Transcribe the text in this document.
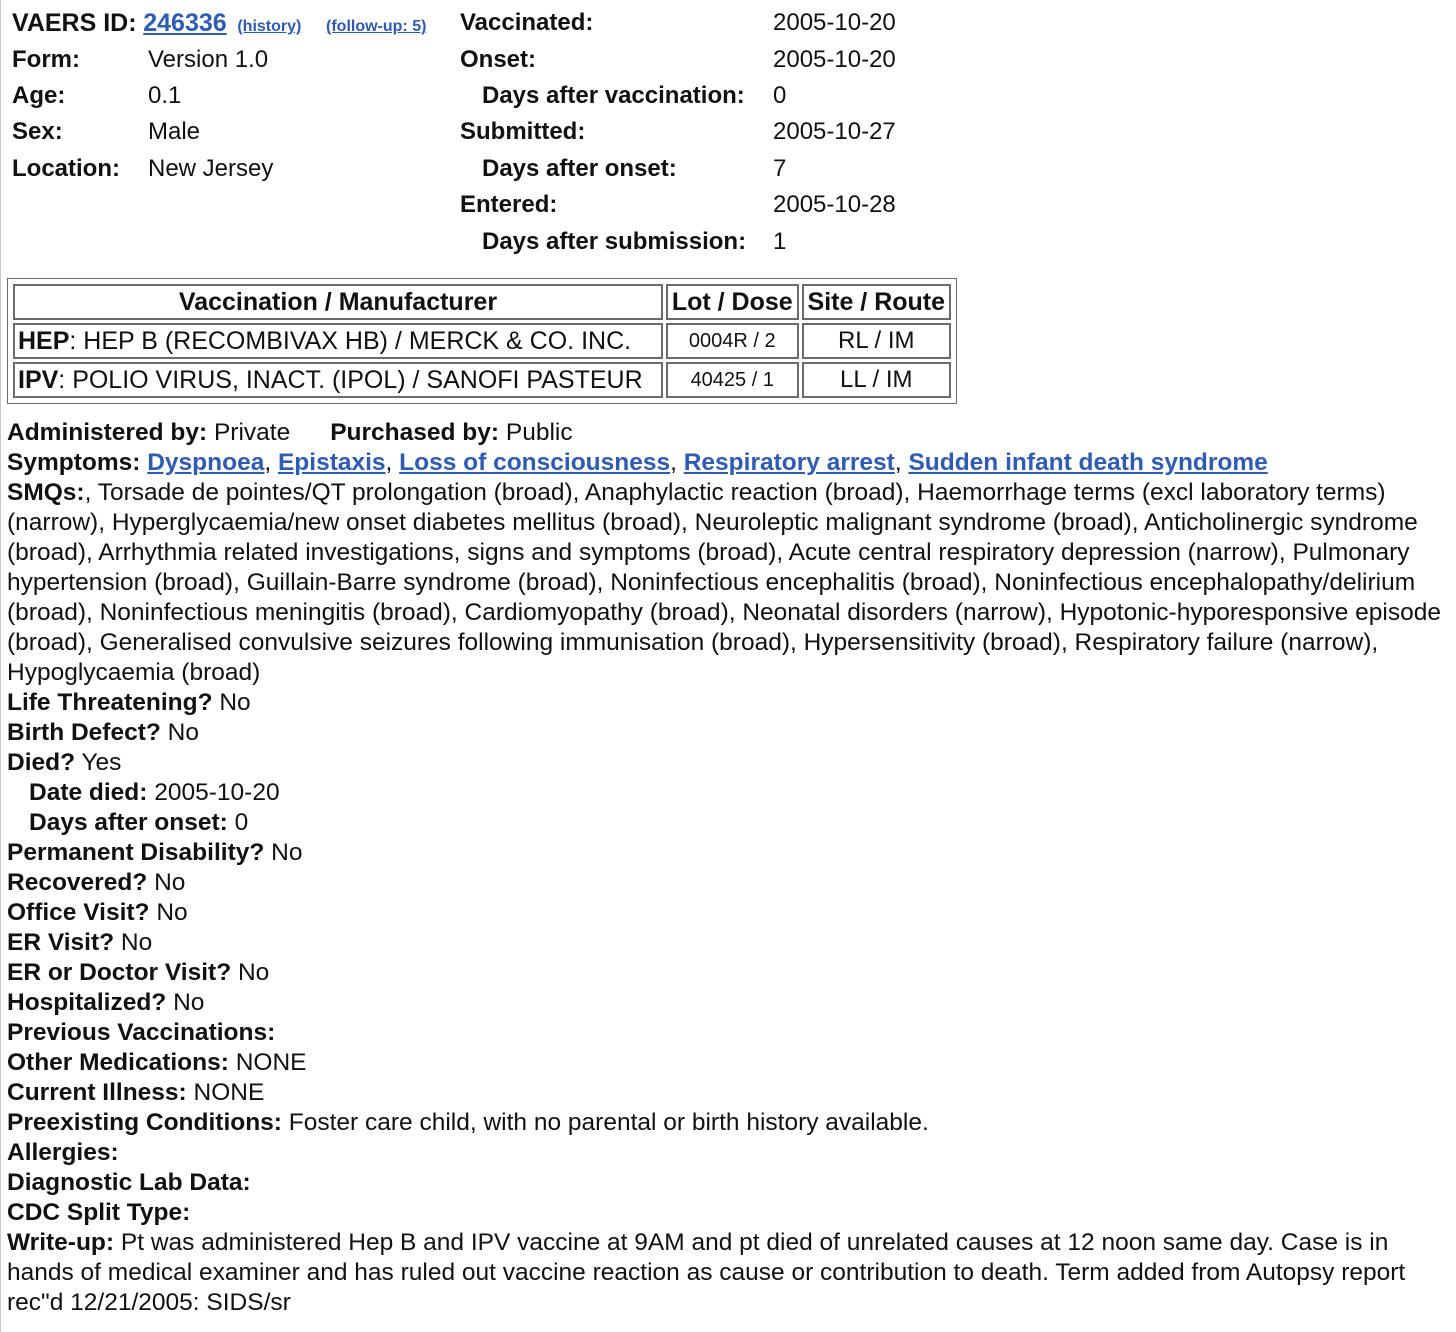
VAERS ID: 246336 (history) (follow-up: 5)
Form:	Version 1.0
Age:	0.1
Sex:	Male
Location: New Jersey
Vaccinated:	2005-10-20
Onset:	2005-10-20
Days after vaccination: 0
Submitted:	2005-10-27
Days after onset:	7
Entered:	2005-10-28
Days after submission: 1
Vaccination / Manufacturer	Lot / Dose	Site / Route
HEP: HEP B (RECOMBIVAX HB) / MERCK & CO. INC.	0004R / 2	RL / IM
IPV: POLIO VIRUS, INACT. (IPOL) / SANOFI PASTEUR	40425 / 1	LL / IM
Administered by: Private Purchased by: Public
Symptoms: Dyspnoea, Epistaxis, Loss of consciousness, Respiratory arrest, Sudden infant death syndrome
SMQs:, Torsade de pointes/QT prolongation (broad), Anaphylactic reaction (broad), Haemorrhage terms (excl laboratory terms) (narrow), Hyperglycaemia/new onset diabetes mellitus (broad), Neuroleptic malignant syndrome (broad), Anticholinergic syndrome (broad), Arrhythmia related investigations, signs and symptoms (broad), Acute central respiratory depression (narrow), Pulmonary hypertension (broad), Guillain-Barre syndrome (broad), Noninfectious encephalitis (broad), Noninfectious encephalopathy/delirium (broad), Noninfectious meningitis (broad), Cardiomyopathy (broad), Neonatal disorders (narrow), Hypotonic-hyporesponsive episode (broad), Generalised convulsive seizures following immunisation (broad), Hypersensitivity (broad), Respiratory failure (narrow), Hypoglycaemia (broad)
Life Threatening? No
Birth Defect? No
Died? Yes
Date died: 2005-10-20
Days after onset: 0
Permanent Disability? No
Recovered? No
Office Visit? No
ER Visit? No
ER or Doctor Visit? No
Hospitalized? No
Previous Vaccinations:
Other Medications: NONE
Current Illness: NONE
Preexisting Conditions: Foster care child, with no parental or birth history available.
Allergies:
Diagnostic Lab Data:
CDC Split Type:
Write-up: Pt was administered Hep B and IPV vaccine at 9AM and pt died of unrelated causes at 12 noon same day. Case is in hands of medical examiner and has ruled out vaccine reaction as cause or contribution to death. Term added from Autopsy report rec"d 12/21/2005: SIDS/sr
